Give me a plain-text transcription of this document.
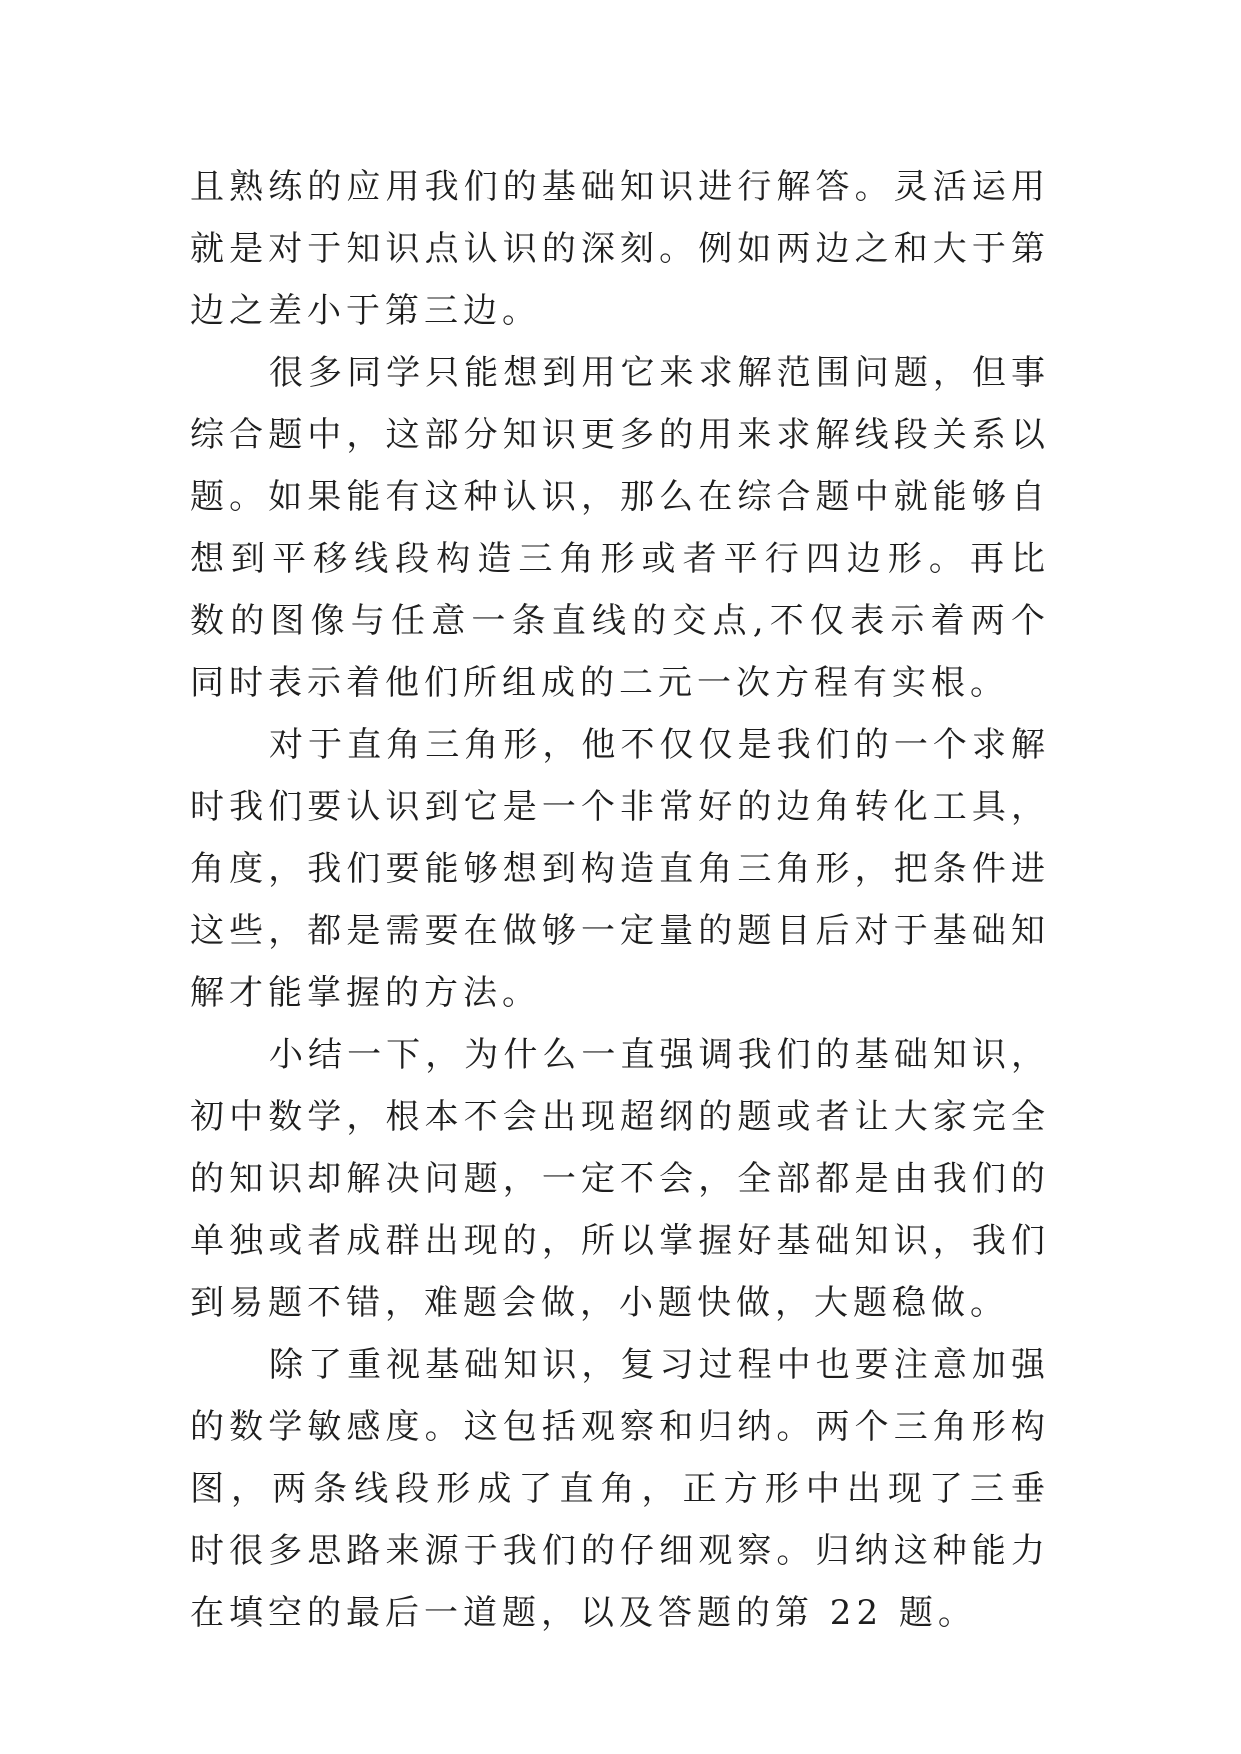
且熟练的应用我们的基础知识进行解答。灵活运用
就是对于知识点认识的深刻。例如两边之和大于第
边之差小于第三边。
很多同学只能想到用它来求解范围问题，但事
综合题中，这部分知识更多的用来求解线段关系以
题。如果能有这种认识，那么在综合题中就能够自
想到平移线段构造三角形或者平行四边形。再比
数的图像与任意一条直线的交点,不仅表示着两个
同时表示着他们所组成的二元一次方程有实根。
对于直角三角形，他不仅仅是我们的一个求解
时我们要认识到它是一个非常好的边角转化工具，
角度，我们要能够想到构造直角三角形，把条件进
这些，都是需要在做够一定量的题目后对于基础知
解才能掌握的方法。
小结一下，为什么一直强调我们的基础知识，
初中数学，根本不会出现超纲的题或者让大家完全
的知识却解决问题，一定不会，全部都是由我们的
单独或者成群出现的，所以掌握好基础知识，我们
到易题不错，难题会做，小题快做，大题稳做。
除了重视基础知识，复习过程中也要注意加强
的数学敏感度。这包括观察和归纳。两个三角形构
图，两条线段形成了直角，正方形中出现了三垂
时很多思路来源于我们的仔细观察。归纳这种能力
在填空的最后一道题，以及答题的第 22 题。
